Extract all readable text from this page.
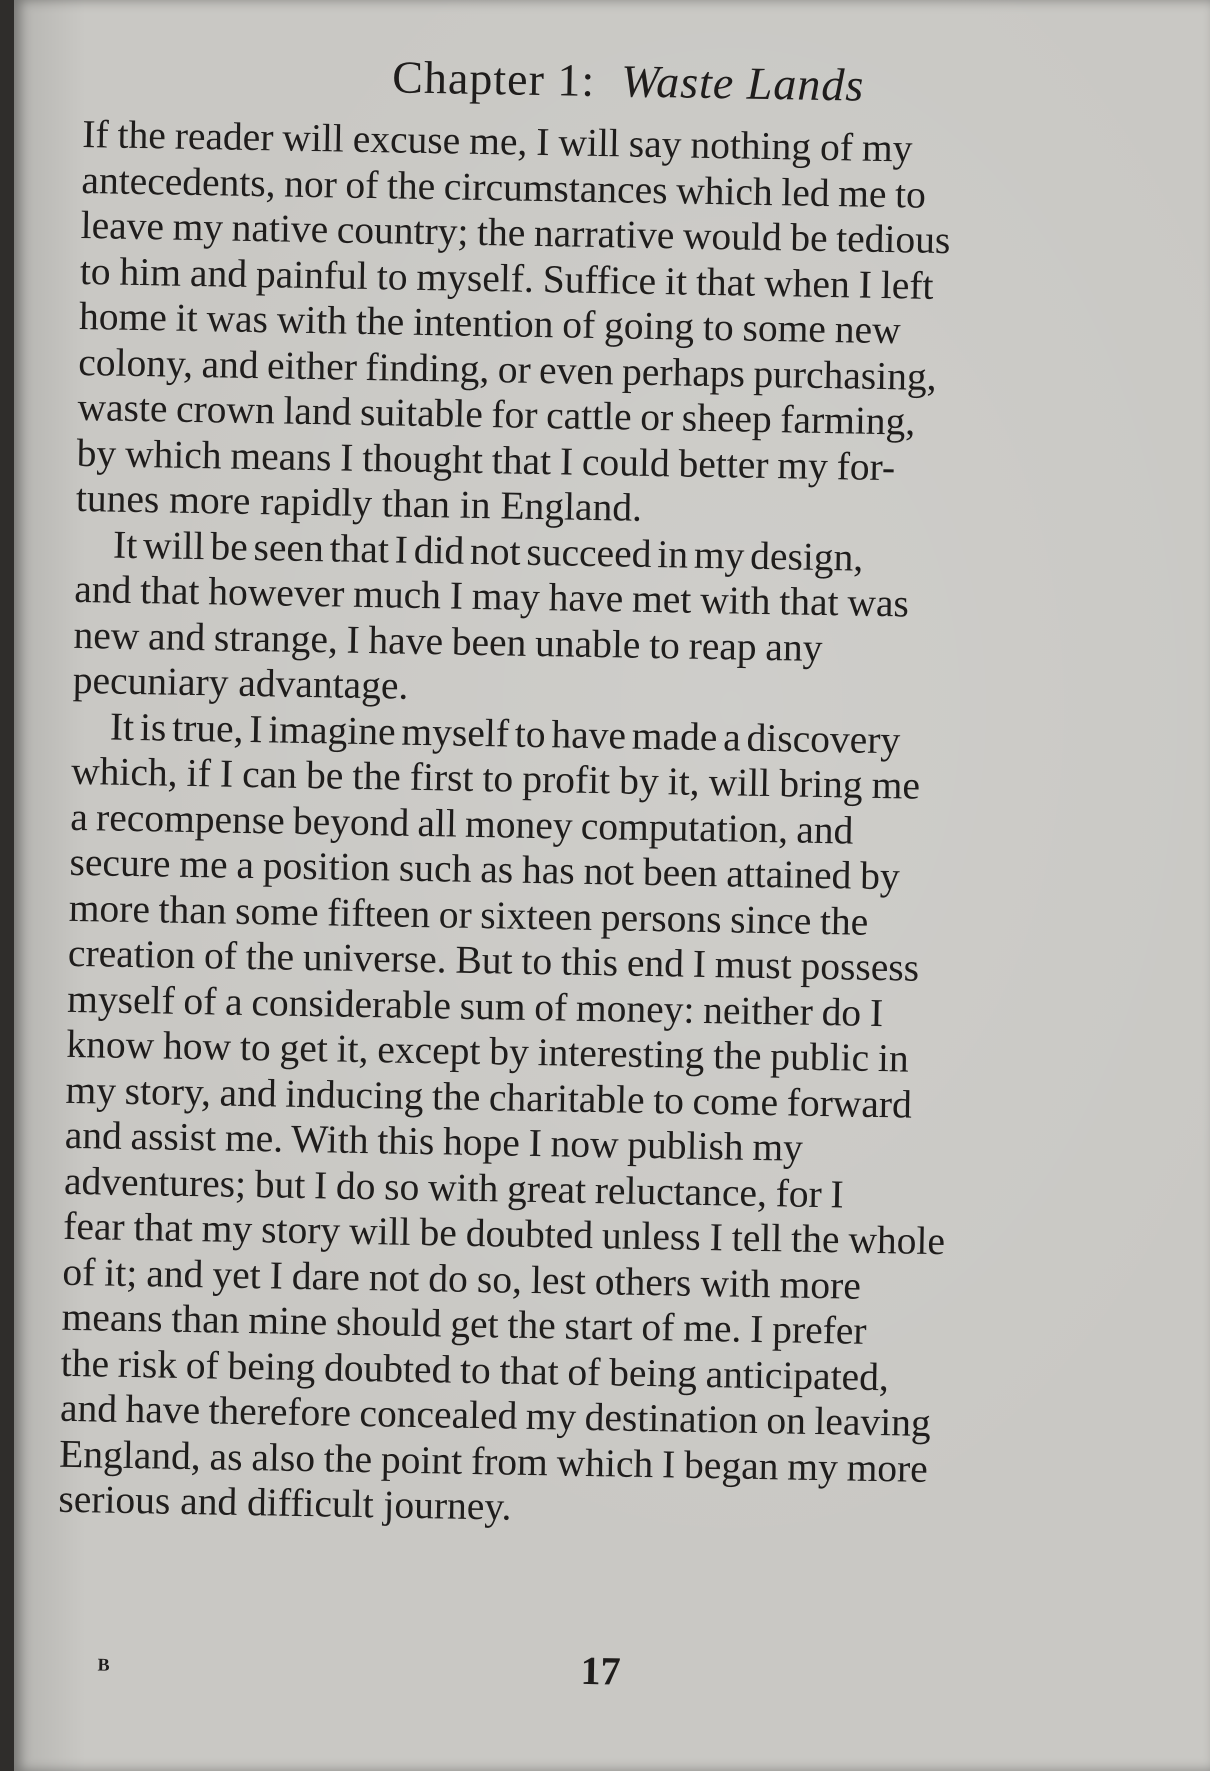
Chapter 1: Waste Lands

If the reader will excuse me, I will say nothing of my
antecedents, nor of the circumstances which led me to
leave my native country; the narrative would be tedious
to him and painful to myself. Suffice it that when I left
home it was with the intention of going to some new
colony, and either finding, or even perhaps purchasing,
waste crown land suitable for cattle or sheep farming,
by which means I thought that I could better my for-
tunes more rapidly than in England.

It will be seen that I did not succeed in my design,
and that however much I may have met with that was
new and strange, I have been unable to reap any
pecuniary advantage.

It is true, I imagine myself to have made a discovery
which, if I can be the first to profit by it, will bring me
a recompense beyond all money computation, and
secure me a position such as has not been attained by
more than some fifteen or sixteen persons since the
creation of the universe. But to this end I must possess
myself of a considerable sum of money: neither do I
know how to get it, except by interesting the public in
my story, and inducing the charitable to come forward
and assist me. With this hope I now publish my
adventures; but I do so with great reluctance, for I
fear that my story will be doubted unless I tell the whole
of it; and yet I dare not do so, lest others with more
means than mine should get the start of me. I prefer
the risk of being doubted to that of being anticipated,
and have therefore concealed my destination on leaving
England, as also the point from which I began my more
serious and difficult journey.

B	17
